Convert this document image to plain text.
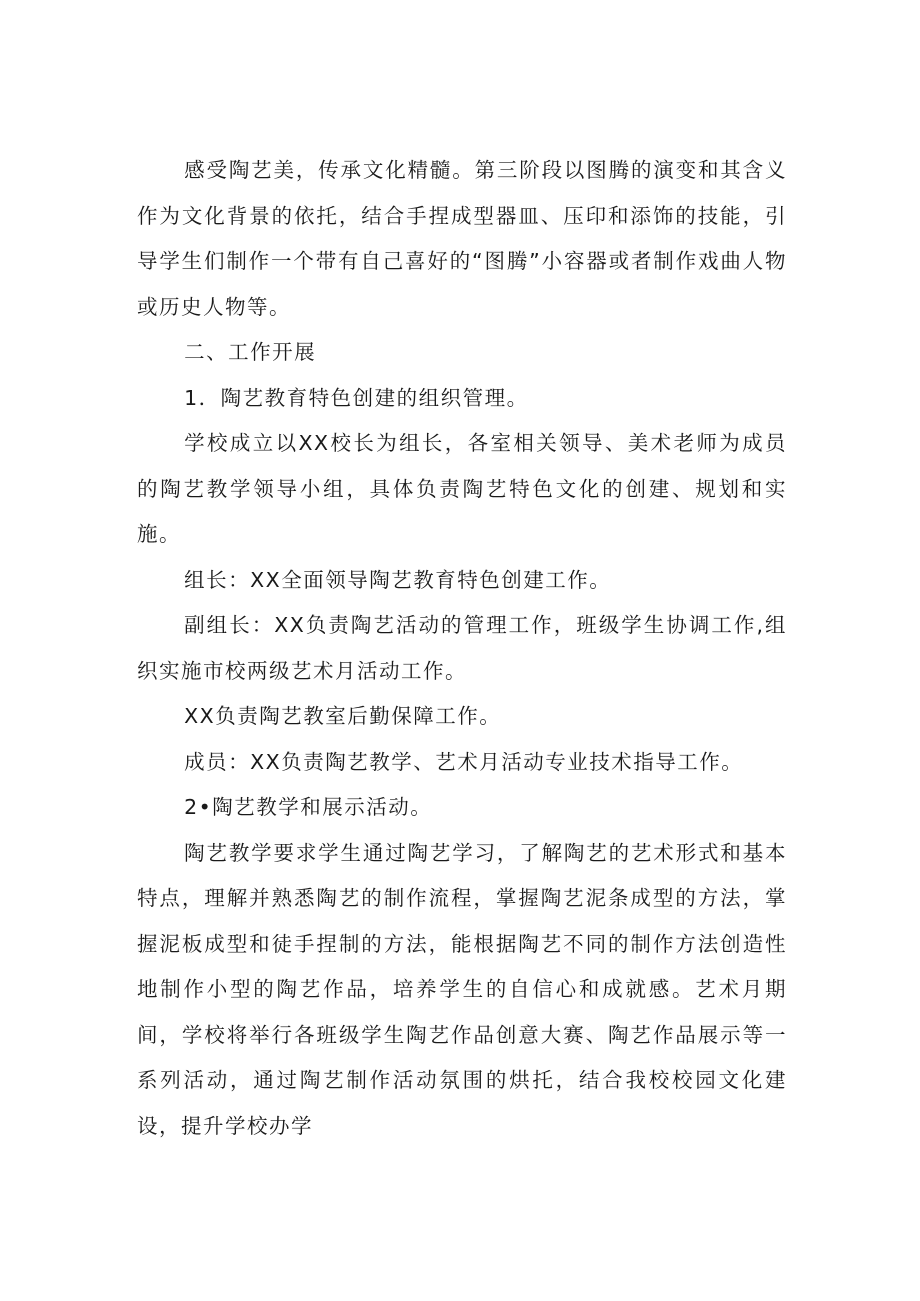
感受陶艺美，传承文化精髓。第三阶段以图腾的演变和其含义作为文化背景的依托，结合手捏成型器皿、压印和添饰的技能，引导学生们制作一个带有自己喜好的“图腾”小容器或者制作戏曲人物或历史人物等。

二、工作开展

1．陶艺教育特色创建的组织管理。

学校成立以XX校长为组长，各室相关领导、美术老师为成员的陶艺教学领导小组，具体负责陶艺特色文化的创建、规划和实施。

组长：XX全面领导陶艺教育特色创建工作。

副组长：XX负责陶艺活动的管理工作，班级学生协调工作,组织实施市校两级艺术月活动工作。

XX负责陶艺教室后勤保障工作。

成员：XX负责陶艺教学、艺术月活动专业技术指导工作。

2•陶艺教学和展示活动。

陶艺教学要求学生通过陶艺学习，了解陶艺的艺术形式和基本特点，理解并熟悉陶艺的制作流程，掌握陶艺泥条成型的方法，掌握泥板成型和徒手捏制的方法，能根据陶艺不同的制作方法创造性地制作小型的陶艺作品，培养学生的自信心和成就感。艺术月期间，学校将举行各班级学生陶艺作品创意大赛、陶艺作品展示等一系列活动，通过陶艺制作活动氛围的烘托，结合我校校园文化建设，提升学校办学
